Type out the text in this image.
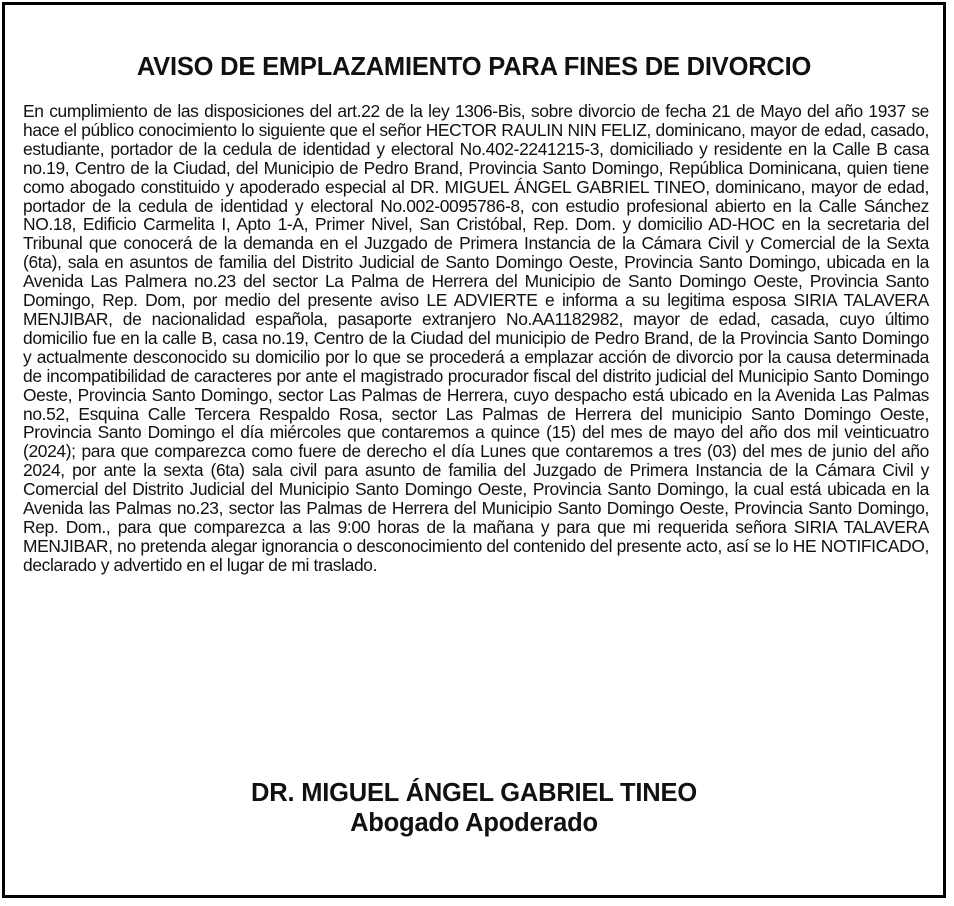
AVISO DE EMPLAZAMIENTO PARA FINES DE DIVORCIO

En cumplimiento de las disposiciones del art.22 de la ley 1306-Bis, sobre divorcio de fecha 21 de Mayo del año 1937 se hace el público conocimiento lo siguiente que el señor HECTOR RAULIN NIN FELIZ, dominicano, mayor de edad, casado, estudiante, portador de la cedula de identidad y electoral No.402-2241215-3, domiciliado y residente en la Calle B casa no.19, Centro de la Ciudad, del Municipio de Pedro Brand, Provincia Santo Domingo, República Dominicana, quien tiene como abogado constituido y apoderado especial al DR. MIGUEL ÁNGEL GABRIEL TINEO, dominicano, mayor de edad, portador de la cedula de identidad y electoral No.002-0095786-8, con estudio profesional abierto en la Calle Sánchez NO.18, Edificio Carmelita I, Apto 1-A, Primer Nivel, San Cristóbal, Rep. Dom. y domicilio AD-HOC en la secretaria del Tribunal que conocerá de la demanda en el Juzgado de Primera Instancia de la Cámara Civil y Comercial de la Sexta (6ta), sala en asuntos de familia del Distrito Judicial de Santo Domingo Oeste, Provincia Santo Domingo, ubicada en la Avenida Las Palmera no.23 del sector La Palma de Herrera del Municipio de Santo Domingo Oeste, Provincia Santo Domingo, Rep. Dom, por medio del presente aviso LE ADVIERTE e informa a su legitima esposa SIRIA TALAVERA MENJIBAR, de nacionalidad española, pasaporte extranjero No.AA1182982, mayor de edad, casada, cuyo último domicilio fue en la calle B, casa no.19, Centro de la Ciudad del municipio de Pedro Brand, de la Provincia Santo Domingo y actualmente desconocido su domicilio por lo que se procederá a emplazar acción de divorcio por la causa determinada de incompatibilidad de caracteres por ante el magistrado procurador fiscal del distrito judicial del Municipio Santo Domingo Oeste, Provincia Santo Domingo, sector Las Palmas de Herrera, cuyo despacho está ubicado en la Avenida Las Palmas no.52, Esquina Calle Tercera Respaldo Rosa, sector Las Palmas de Herrera del municipio Santo Domingo Oeste, Provincia Santo Domingo el día miércoles que contaremos a quince (15) del mes de mayo del año dos mil veinticuatro (2024); para que comparezca como fuere de derecho el día Lunes que contaremos a tres (03) del mes de junio del año 2024, por ante la sexta (6ta) sala civil para asunto de familia del Juzgado de Primera Instancia de la Cámara Civil y Comercial del Distrito Judicial del Municipio Santo Domingo Oeste, Provincia Santo Domingo, la cual está ubicada en la Avenida las Palmas no.23, sector las Palmas de Herrera del Municipio Santo Domingo Oeste, Provincia Santo Domingo, Rep. Dom., para que comparezca a las 9:00 horas de la mañana y para que mi requerida señora SIRIA TALAVERA MENJIBAR, no pretenda alegar ignorancia o desconocimiento del contenido del presente acto, así se lo HE NOTIFICADO, declarado y advertido en el lugar de mi traslado.

DR. MIGUEL ÁNGEL GABRIEL TINEO
Abogado Apoderado
